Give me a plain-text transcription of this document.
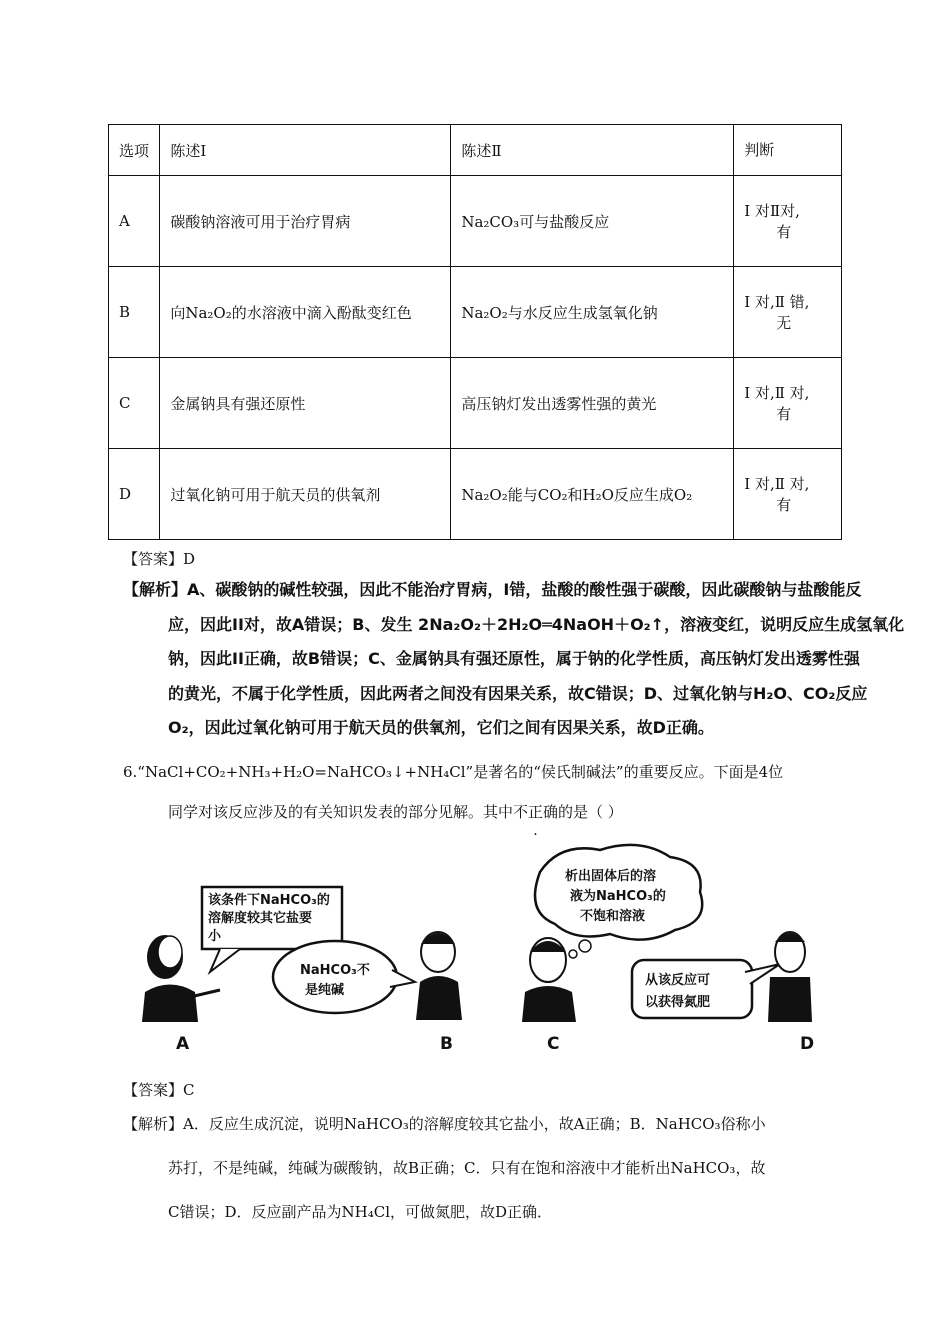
选项	陈述Ⅰ	陈述Ⅱ	判断
A	碳酸钠溶液可用于治疗胃病	Na₂CO₃可与盐酸反应	Ⅰ 对Ⅱ对,
有

B	向Na₂O₂的水溶液中滴入酚酞变红色	Na₂O₂与水反应生成氢氧化钠	Ⅰ 对,Ⅱ 错,
无

C	金属钠具有强还原性	高压钠灯发出透雾性强的黄光	Ⅰ 对,Ⅱ 对,
有

D	过氧化钠可用于航天员的供氧剂	Na₂O₂能与CO₂和H₂O反应生成O₂	Ⅰ 对,Ⅱ 对,
有
【答案】D
【解析】A、碳酸钠的碱性较强，因此不能治疗胃病，I错，盐酸的酸性强于碳酸，因此碳酸钠与盐酸能反
应，因此II对，故A错误；B、发生 2Na₂O₂＋2H₂O═4NaOH＋O₂↑，溶液变红，说明反应生成氢氧化
钠，因此II正确，故B错误；C、金属钠具有强还原性，属于钠的化学性质，高压钠灯发出透雾性强
的黄光，不属于化学性质，因此两者之间没有因果关系，故C错误；D、过氧化钠与H₂O、CO₂反应
O₂，因此过氧化钠可用于航天员的供氧剂，它们之间有因果关系，故D正确。
6.“NaCl+CO₂+NH₃+H₂O=NaHCO₃↓+NH₄Cl”是著名的“侯氏制碱法”的重要反应。下面是4位
同学对该反应涉及的有关知识发表的部分见解。其中不正确的是（ ）
该条件下NaHCO₃的
溶解度较其它盐要
小
NaHCO₃不
是纯碱
析出固体后的溶
液为NaHCO₃的
不饱和溶液
从该反应可
以获得氮肥
A	B	C	D
【答案】C
【解析】A．反应生成沉淀，说明NaHCO₃的溶解度较其它盐小，故A正确；B．NaHCO₃俗称小
苏打，不是纯碱，纯碱为碳酸钠，故B正确；C．只有在饱和溶液中才能析出NaHCO₃，故
C错误；D．反应副产品为NH₄Cl，可做氮肥，故D正确．
